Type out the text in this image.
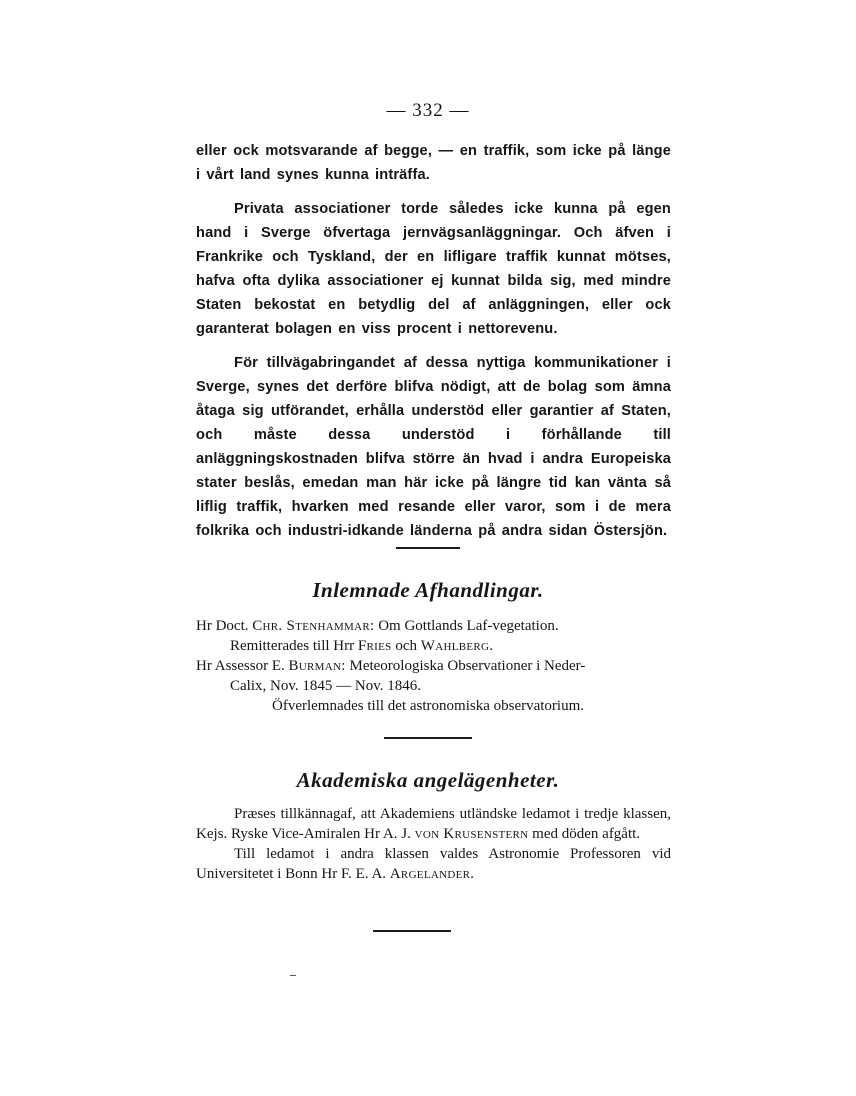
— 332 —

eller ock motsvarande af begge, — en traffik, som icke på länge i vårt land synes kunna inträffa.

Privata associationer torde således icke kunna på egen hand i Sverge öfvertaga jernvägsanläggningar. Och äfven i Frankrike och Tyskland, der en lifligare traffik kunnat mötses, hafva ofta dylika associationer ej kunnat bilda sig, med mindre Staten bekostat en betydlig del af anläggningen, eller ock garanterat bolagen en viss procent i nettorevenu.

För tillvägabringandet af dessa nyttiga kommunikationer i Sverge, synes det derföre blifva nödigt, att de bolag som ämna åtaga sig utförandet, erhålla understöd eller garantier af Staten, och måste dessa understöd i förhållande till anläggningskostnaden blifva större än hvad i andra Europeiska stater beslås, emedan man här icke på längre tid kan vänta så liflig traffik, hvarken med resande eller varor, som i de mera folkrika och industri-idkande länderna på andra sidan Östersjön.

Inlemnade Afhandlingar.

Hr Doct. Chr. Stenhammar: Om Gottlands Laf-vegetation.

Remitterades till Hrr Fries och Wahlberg.

Hr Assessor E. Burman: Meteorologiska Observationer i Neder-

Calix, Nov. 1845 — Nov. 1846.

Öfverlemnades till det astronomiska observatorium.

Akademiska angelägenheter.

Præses tillkännagaf, att Akademiens utländske ledamot i tredje klassen, Kejs. Ryske Vice-Amiralen Hr A. J. von Krusenstern med döden afgått.

Till ledamot i andra klassen valdes Astronomie Professoren vid Universitetet i Bonn Hr F. E. A. Argelander.
